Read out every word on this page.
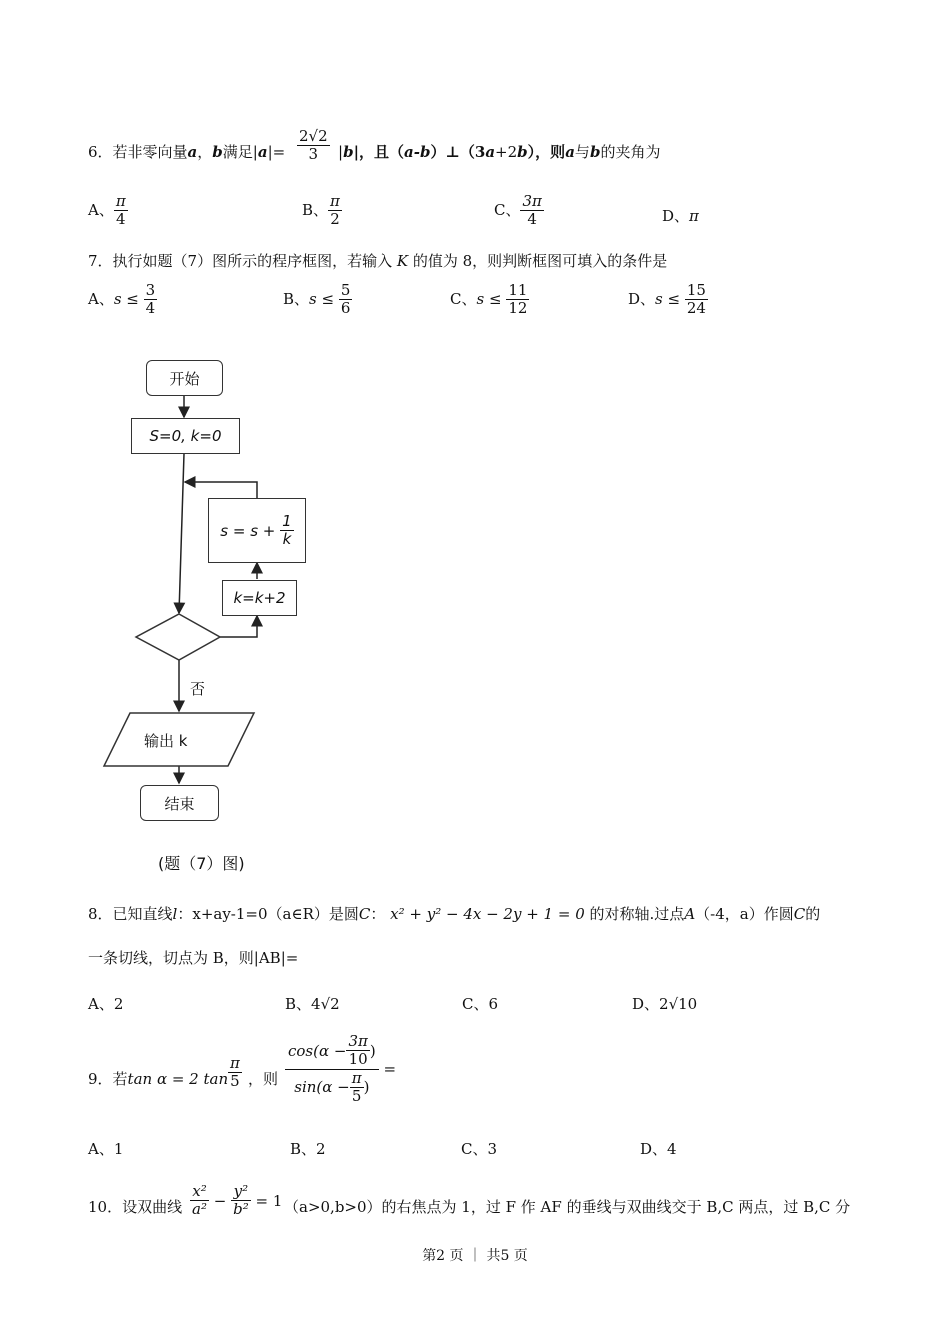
6．若非零向量a，b满足$|a|= \frac{2√2}{3} |b|$，且（a-b）⊥（3a+2b），则a与b的夹角为
A、 $\frac{\pi}{4}$	B、 $\frac{\pi}{2}$	C、 $\frac{3\pi}{4}$	D、π
7．执行如题（7）图所示的程序框图，若输入 K 的值为 8，则判断框图可填入的条件是
A、$s \le \frac{3}{4}$	B、$s \le \frac{5}{6}$	C、$s \le \frac{11}{12}$	D、$s \le \frac{15}{24}$
开始
S=0, k=0
s = s +
$\frac{1}{k}$
k=k+2
否
输出 k
结束
(题（7）图)
8．已知直线l：x+ay-1=0（a∈R）是圆C： x² + y² − 4x − 2y + 1 = 0 的对称轴.过点A（-4，a）作圆C的
一条切线，切点为 B，则|AB|=
A、2	B、4√2	C、6	D、2√10
9．若tan α = 2 $\tan \frac{\pi}{5}$ ，则 $\frac{\cos(\alpha - \frac{3\pi}{10} )}{\sin(\alpha - \frac{\pi}{5} )}$ =
A、1	B、2	C、3	D、4
10．设双曲线 $\frac{\text{x²}}{\text{a²}} - \frac{\text{y²}}{\text{b²}} = 1$ （a>0,b>0）的右焦点为 1，过 F 作 AF 的垂线与双曲线交于 B,C 两点，过 B,C 分
第2 页 ｜ 共5 页
